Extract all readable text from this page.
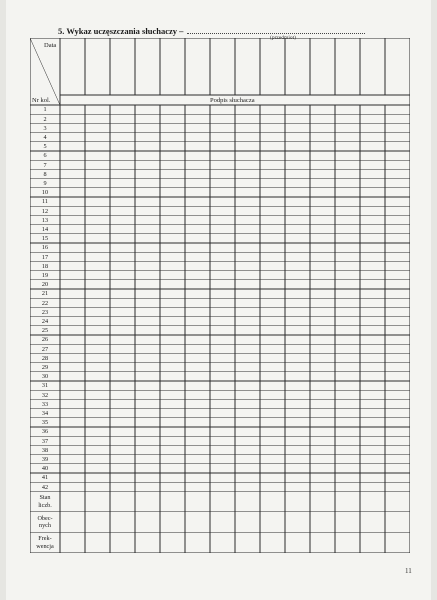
5. Wykaz uczęszczania słuchaczy –
(przedmiot)
Data
Nr kol.	Podpis słuchacza
1
2
3
4
5
6
7
8
9
10
11
12
13
14
15
16
17
18
19
20
21
22
23
24
25
26
27
28
29
30
31
32
33
34
35
36
37
38
39
40
41
42
Stan
liczb.
Obec-
nych
Frek-
wencja
11
